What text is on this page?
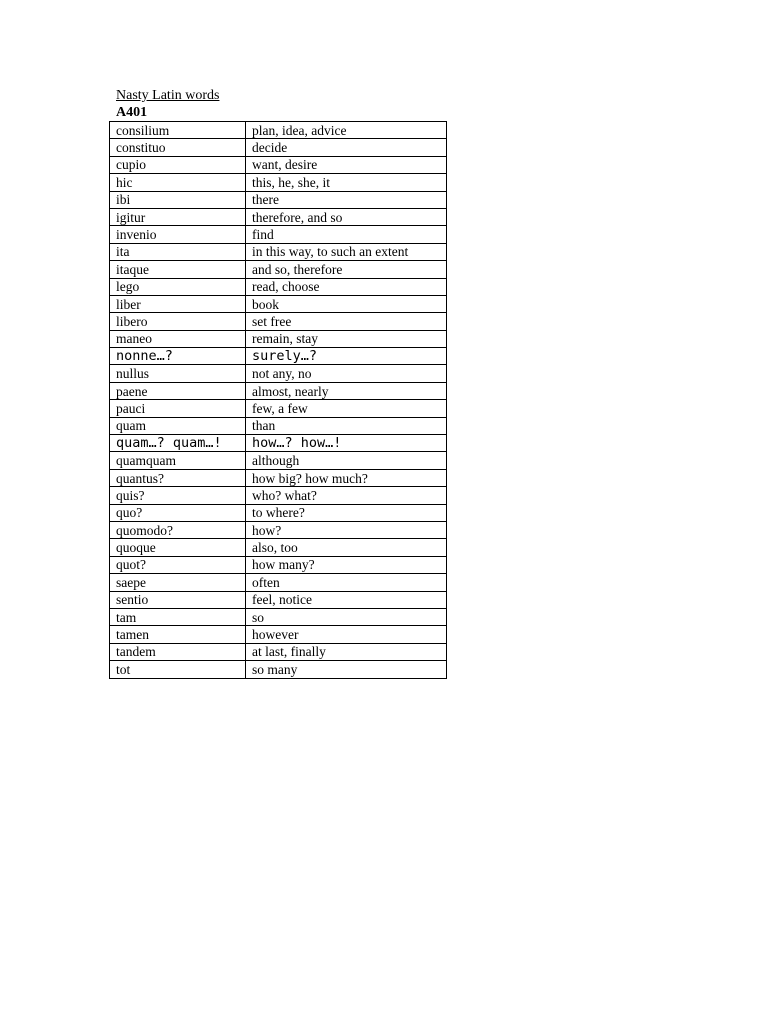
Nasty Latin words
A401
consilium	plan, idea, advice
constituo	decide
cupio	want, desire
hic	this, he, she, it
ibi	there
igitur	therefore, and so
invenio	find
ita	in this way, to such an extent
itaque	and so, therefore
lego	read, choose
liber	book
libero	set free
maneo	remain, stay
nonne…?	surely…?
nullus	not any, no
paene	almost, nearly
pauci	few, a few
quam	than
quam…? quam…!	how…? how…!
quamquam	although
quantus?	how big? how much?
quis?	who? what?
quo?	to where?
quomodo?	how?
quoque	also, too
quot?	how many?
saepe	often
sentio	feel, notice
tam	so
tamen	however
tandem	at last, finally
tot	so many
